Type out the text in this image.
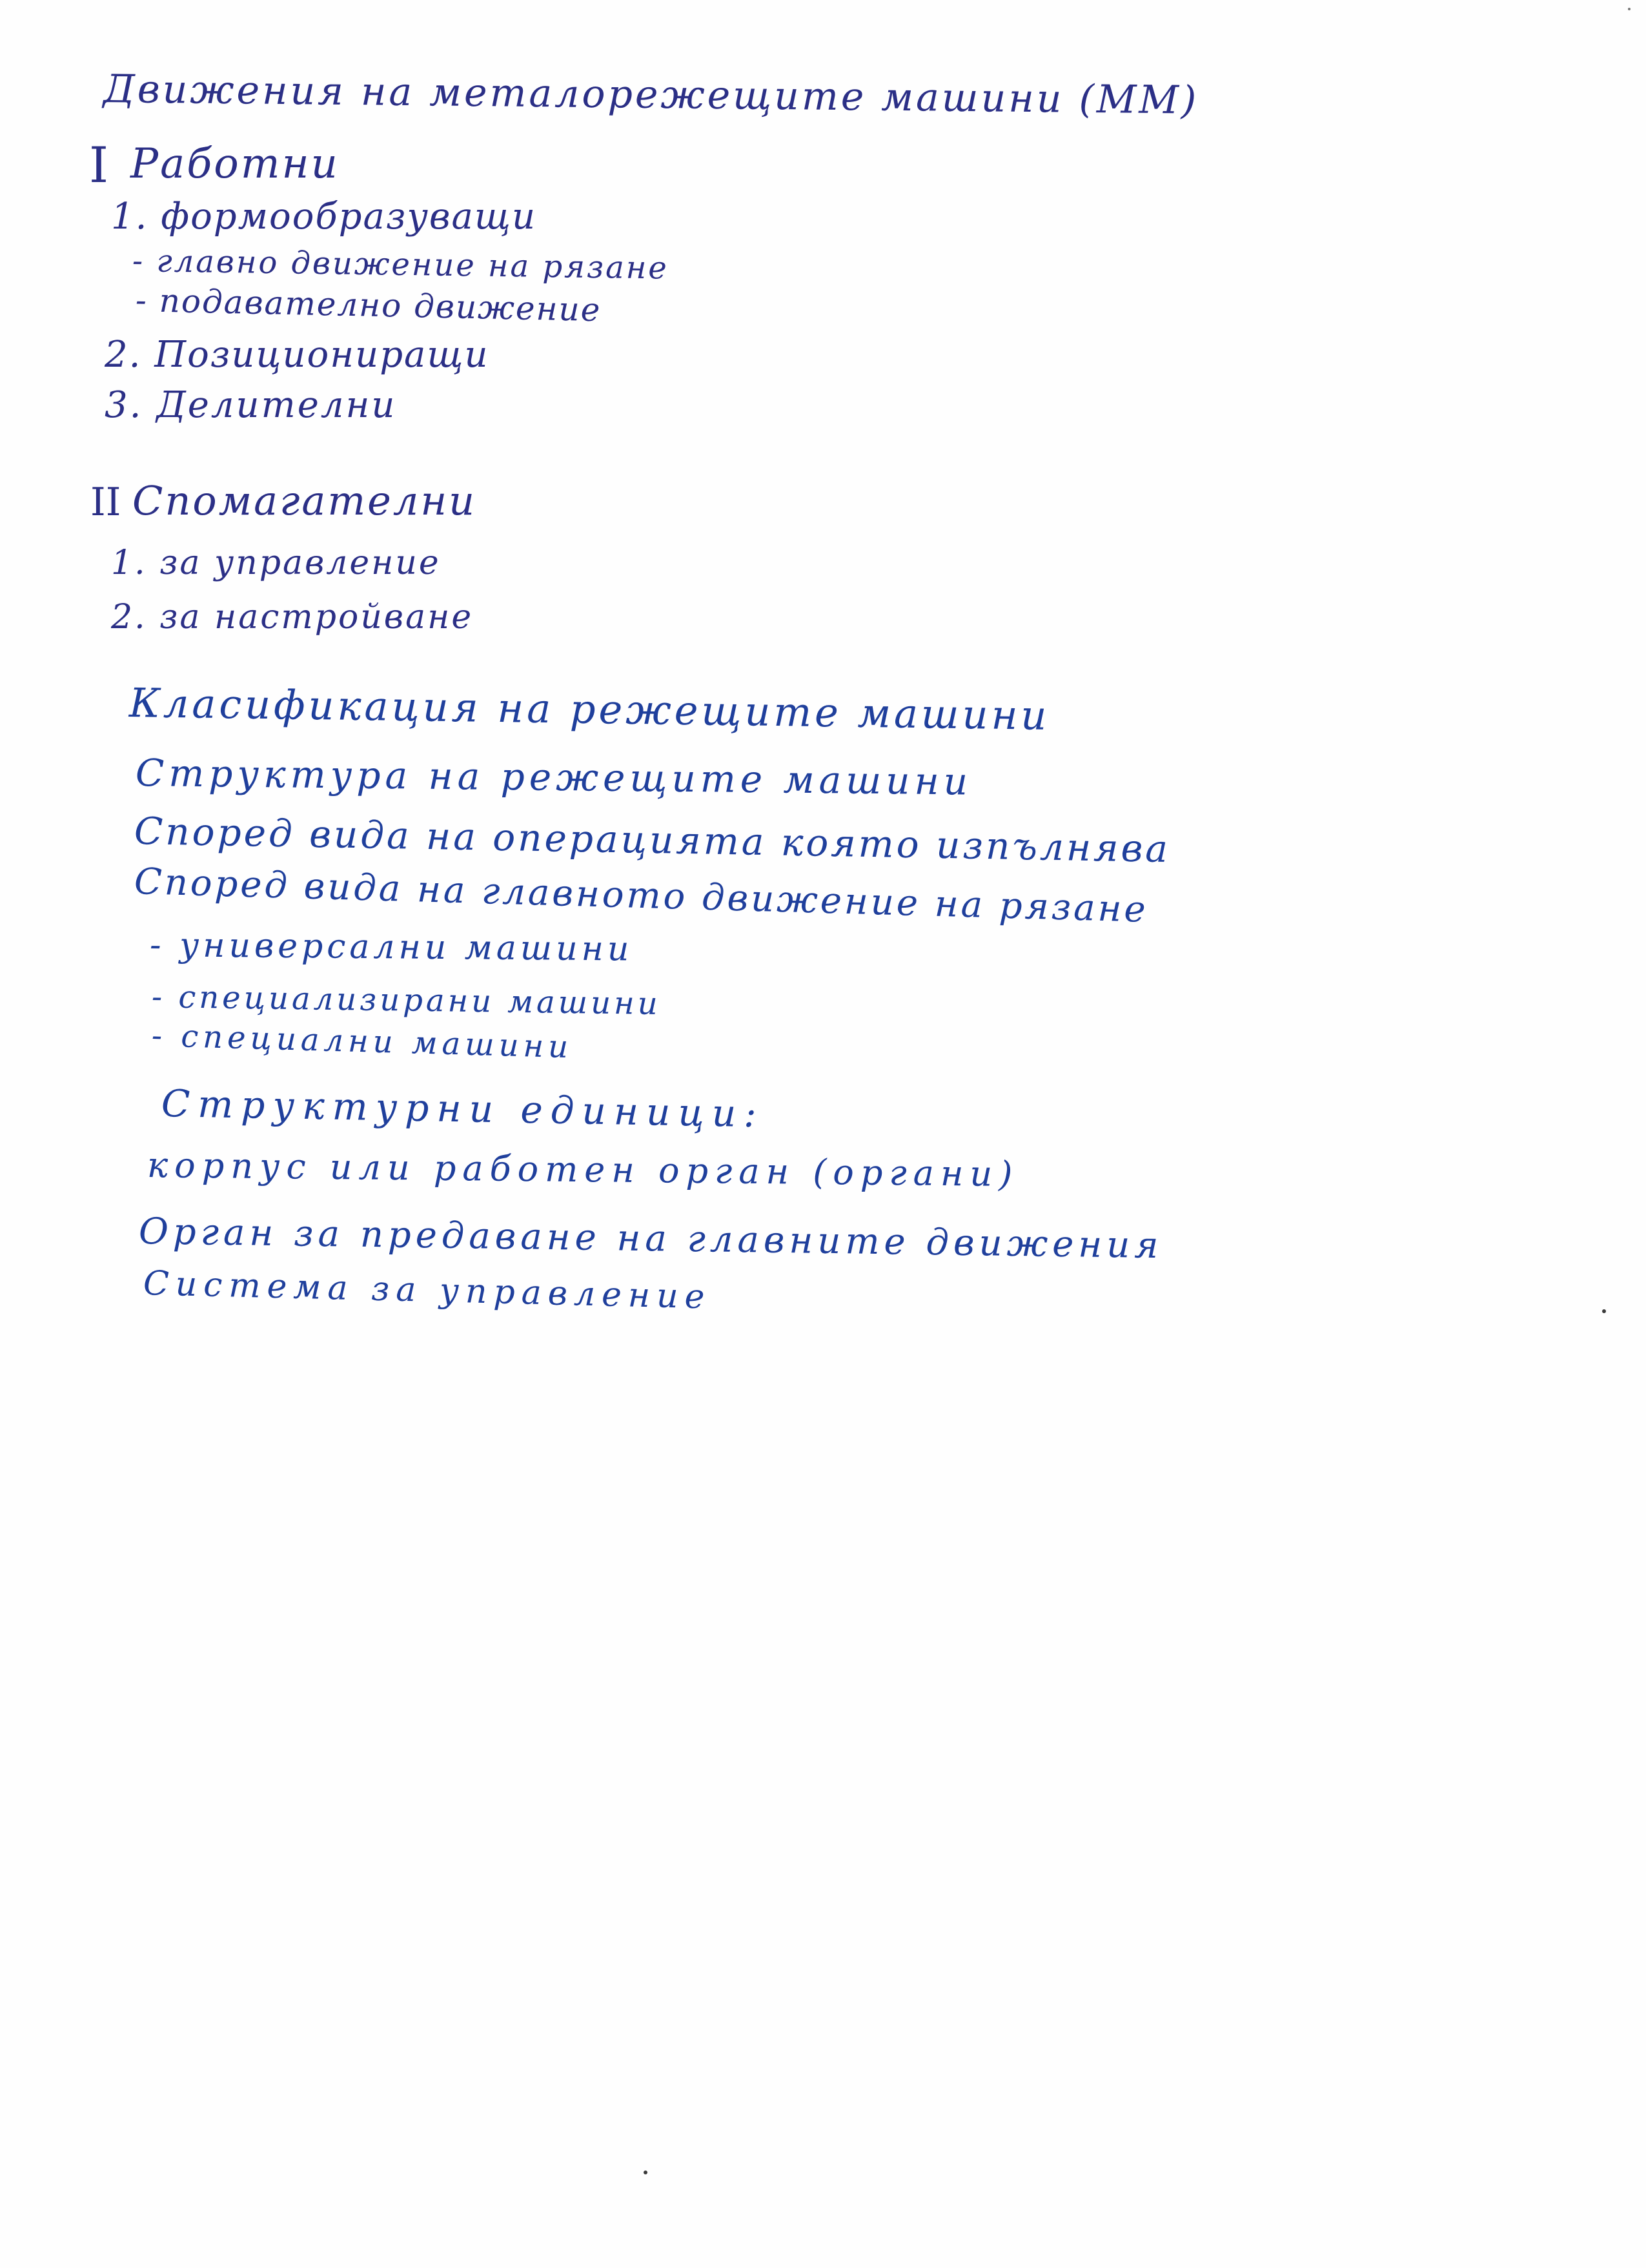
Движения на металорежещите машини (ММ)
I Работни
1. формообразуващи
- главно движение на рязане
- подавателно движение
2. Позициониращи
3. Делителни
II Спомагателни
1. за управление
2. за настройване
Класификация на режещите машини
Структура на режещите машини
Според вида на операцията която изпълнява
Според вида на главното движение на рязане
- универсални машини
- специализирани машини
- специални машини
Структурни единици:
корпус или работен орган (органи)
Орган за предаване на главните движения
Система за управление
